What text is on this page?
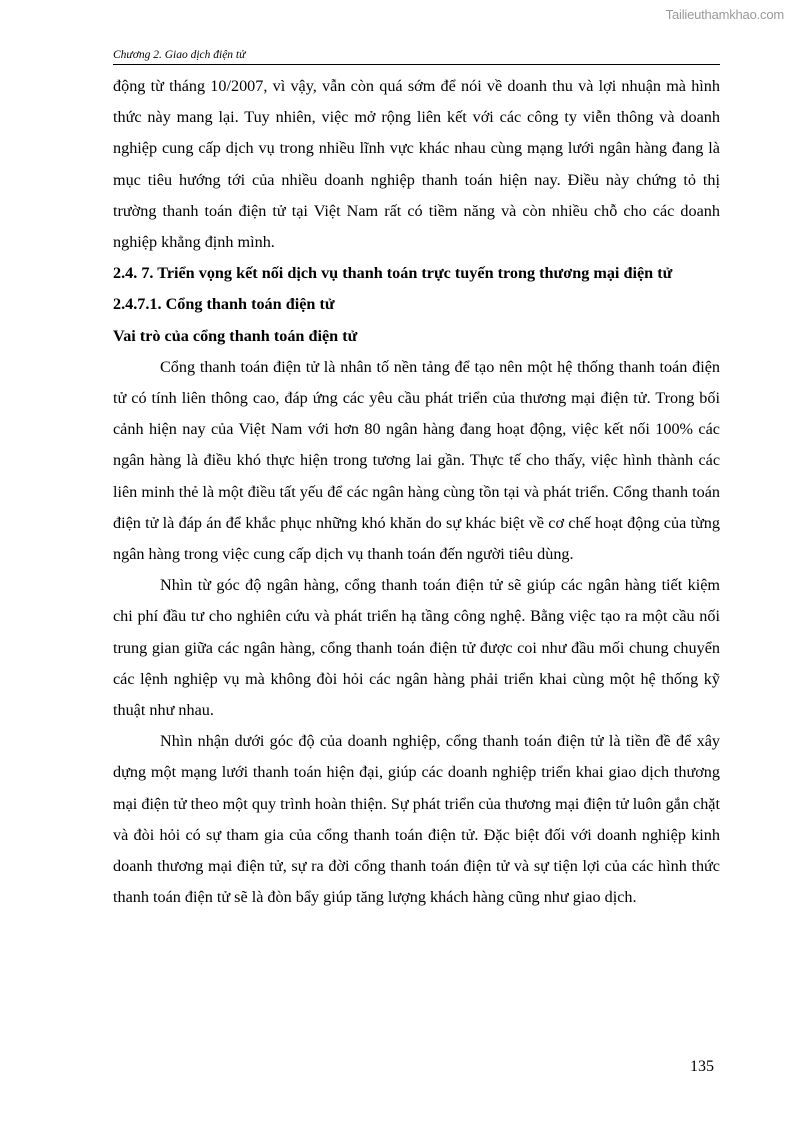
Tailieuthamkhao.com
Chương 2. Giao dịch điện tử

động từ tháng 10/2007, vì vậy, vẫn còn quá sớm để nói về doanh thu và lợi nhuận mà hình thức này mang lại. Tuy nhiên, việc mở rộng liên kết với các công ty viễn thông và doanh nghiệp cung cấp dịch vụ trong nhiều lĩnh vực khác nhau cùng mạng lưới ngân hàng đang là mục tiêu hướng tới của nhiều doanh nghiệp thanh toán hiện nay. Điều này chứng tỏ thị trường thanh toán điện tử tại Việt Nam rất có tiềm năng và còn nhiều chỗ cho các doanh nghiệp khẳng định mình.

2.4. 7. Triển vọng kết nối dịch vụ thanh toán trực tuyến trong thương mại điện tử

2.4.7.1. Cổng thanh toán điện tử

Vai trò của cổng thanh toán điện tử

Cổng thanh toán điện tử là nhân tố nền tảng để tạo nên một hệ thống thanh toán điện tử có tính liên thông cao, đáp ứng các yêu cầu phát triển của thương mại điện tử. Trong bối cảnh hiện nay của Việt Nam với hơn 80 ngân hàng đang hoạt động, việc kết nối 100% các ngân hàng là điều khó thực hiện trong tương lai gần. Thực tế cho thấy, việc hình thành các liên minh thẻ là một điều tất yếu để các ngân hàng cùng tồn tại và phát triển. Cổng thanh toán điện tử là đáp án để khắc phục những khó khăn do sự khác biệt về cơ chế hoạt động của từng ngân hàng trong việc cung cấp dịch vụ thanh toán đến người tiêu dùng.

Nhìn từ góc độ ngân hàng, cổng thanh toán điện tử sẽ giúp các ngân hàng tiết kiệm chi phí đầu tư cho nghiên cứu và phát triển hạ tầng công nghệ. Bằng việc tạo ra một cầu nối trung gian giữa các ngân hàng, cổng thanh toán điện tử được coi như đầu mối chung chuyển các lệnh nghiệp vụ mà không đòi hỏi các ngân hàng phải triển khai cùng một hệ thống kỹ thuật như nhau.

Nhìn nhận dưới góc độ của doanh nghiệp, cổng thanh toán điện tử là tiền đề để xây dựng một mạng lưới thanh toán hiện đại, giúp các doanh nghiệp triển khai giao dịch thương mại điện tử theo một quy trình hoàn thiện. Sự phát triển của thương mại điện tử luôn gắn chặt và đòi hỏi có sự tham gia của cổng thanh toán điện tử. Đặc biệt đối với doanh nghiệp kinh doanh thương mại điện tử, sự ra đời cổng thanh toán điện tử và sự tiện lợi của các hình thức thanh toán điện tử sẽ là đòn bẩy giúp tăng lượng khách hàng cũng như giao dịch.

135
